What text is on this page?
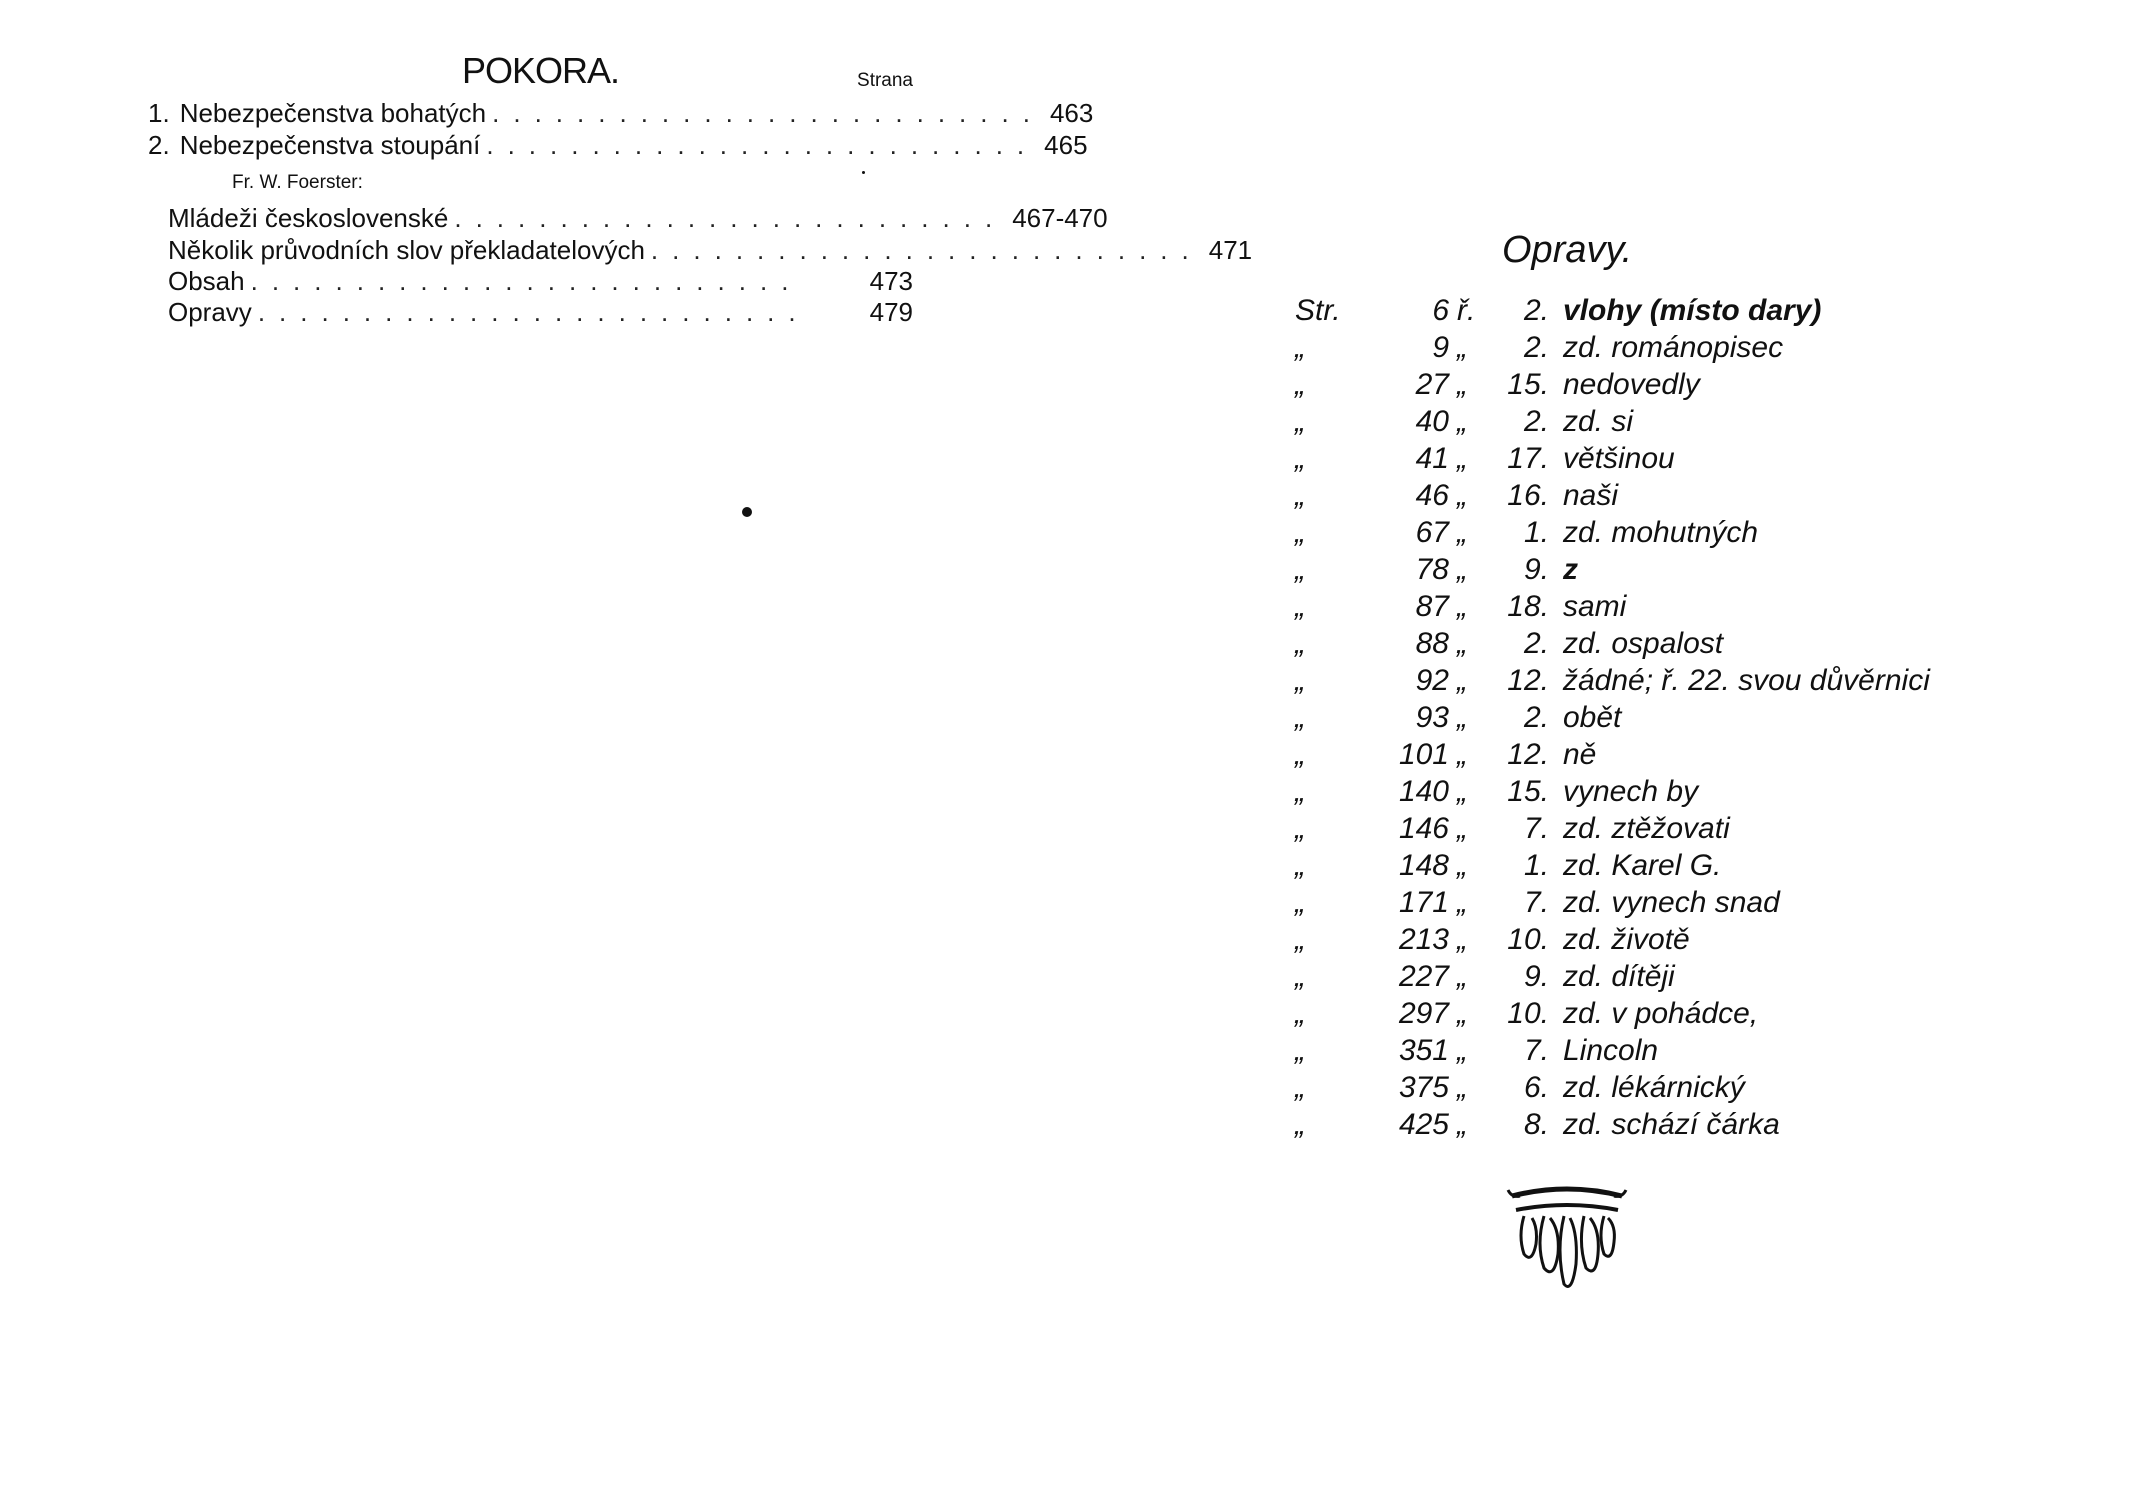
POKORA.	Strana
1. Nebezpečenstva bohatých .......................... 463
2. Nebezpečenstva stoupání .......................... 465
Fr. W. Foerster:
Mládeži československé .......................... 467-470
Několik průvodních slov překladatelových .......................... 471
Obsah ..........................	473
Opravy ..........................	479
Opravy.
Str.	6 ř.	2. vlohy (místo dary)
„	9 „	2. zd. románopisec
„	27 „	15. nedovedly
„	40 „	2. zd. si
„	41 „	17. většinou
„	46 „	16. naši
„	67 „	1. zd. mohutných
„	78 „	9. z
„	87 „	18. sami
„	88 „	2. zd. ospalost
„	92 „	12. žádné; ř. 22. svou důvěrnici
„	93 „	2. obět
„	101 „	12. ně
„	140 „	15. vynech by
„	146 „	7. zd. ztěžovati
„	148 „	1. zd. Karel G.
„	171 „	7. zd. vynech snad
„	213 „	10. zd. životě
„	227 „	9. zd. dítěji
„	297 „	10. zd. v pohádce,
„	351 „	7. Lincoln
„	375 „	6. zd. lékárnický
„	425 „	8. zd. schází čárka
